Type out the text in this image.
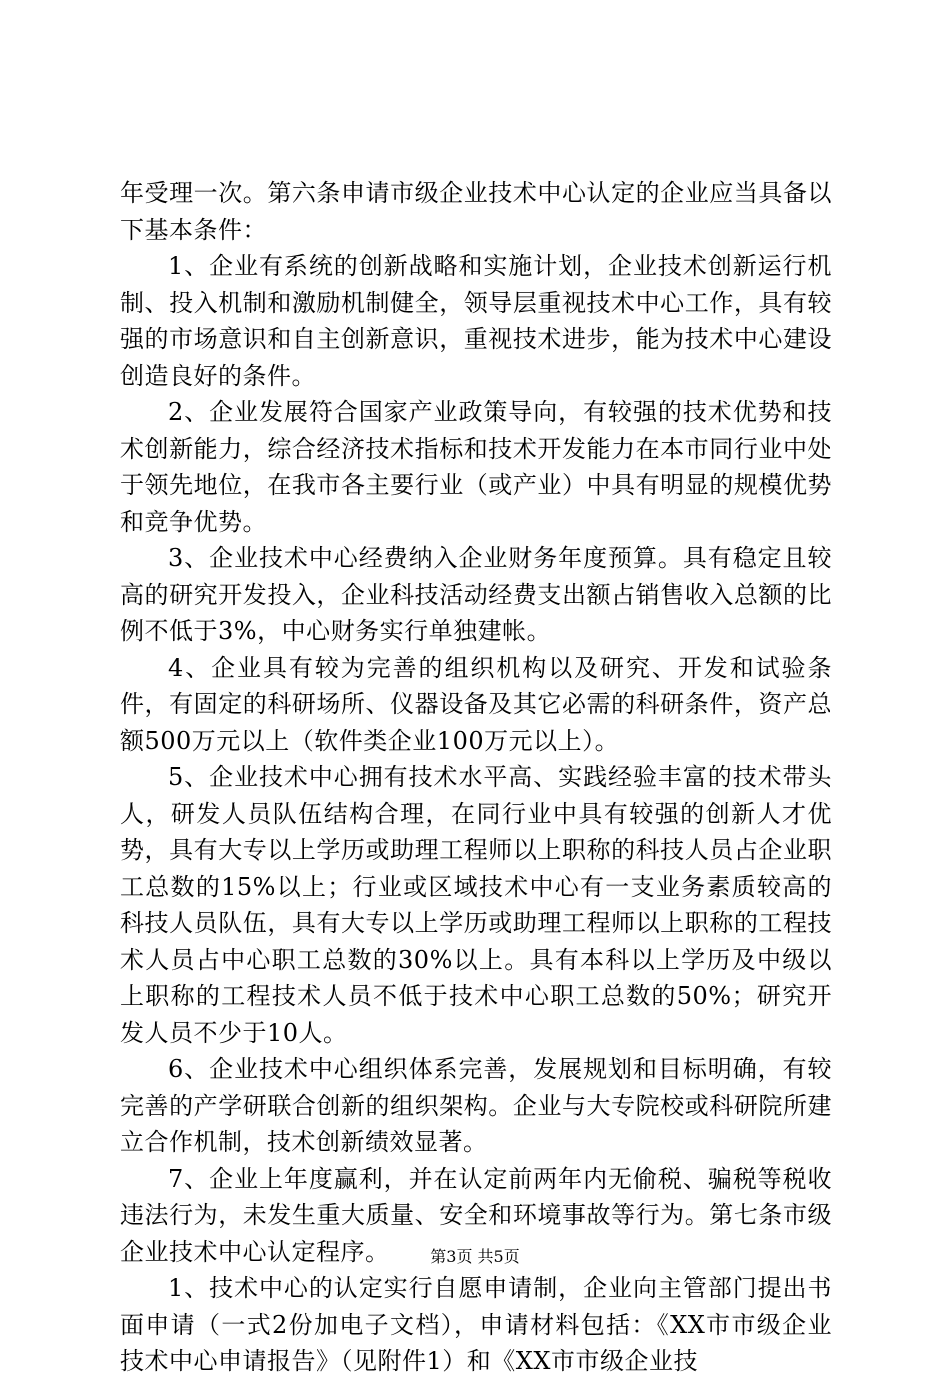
年受理一次。第六条申请市级企业技术中心认定的企业应当具备以下基本条件：

1、企业有系统的创新战略和实施计划，企业技术创新运行机制、投入机制和激励机制健全，领导层重视技术中心工作，具有较强的市场意识和自主创新意识，重视技术进步，能为技术中心建设创造良好的条件。

2、企业发展符合国家产业政策导向，有较强的技术优势和技术创新能力，综合经济技术指标和技术开发能力在本市同行业中处于领先地位，在我市各主要行业（或产业）中具有明显的规模优势和竞争优势。

3、企业技术中心经费纳入企业财务年度预算。具有稳定且较高的研究开发投入，企业科技活动经费支出额占销售收入总额的比例不低于3%，中心财务实行单独建帐。

4、企业具有较为完善的组织机构以及研究、开发和试验条件，有固定的科研场所、仪器设备及其它必需的科研条件，资产总额500万元以上（软件类企业100万元以上）。

5、企业技术中心拥有技术水平高、实践经验丰富的技术带头人，研发人员队伍结构合理，在同行业中具有较强的创新人才优势，具有大专以上学历或助理工程师以上职称的科技人员占企业职工总数的15%以上；行业或区域技术中心有一支业务素质较高的科技人员队伍，具有大专以上学历或助理工程师以上职称的工程技术人员占中心职工总数的30%以上。具有本科以上学历及中级以上职称的工程技术人员不低于技术中心职工总数的50%；研究开发人员不少于10人。

6、企业技术中心组织体系完善，发展规划和目标明确，有较完善的产学研联合创新的组织架构。企业与大专院校或科研院所建立合作机制，技术创新绩效显著。

7、企业上年度赢利，并在认定前两年内无偷税、骗税等税收违法行为，未发生重大质量、安全和环境事故等行为。第七条市级企业技术中心认定程序。

1、技术中心的认定实行自愿申请制，企业向主管部门提出书面申请（一式2份加电子文档），申请材料包括：《XX市市级企业技术中心申请报告》（见附件1）和《XX市市级企业技

第3页 共5页
